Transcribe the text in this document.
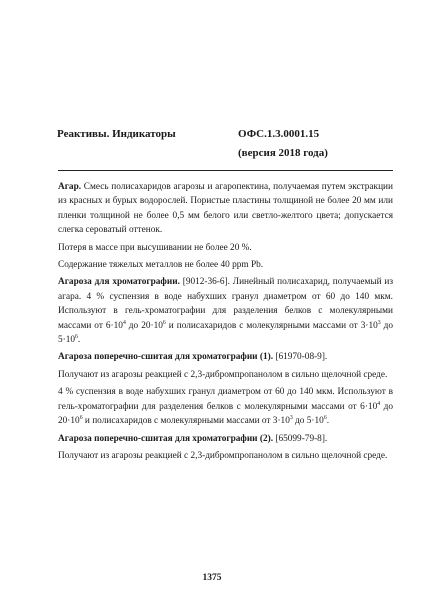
Реактивы. Индикаторы	ОФС.1.3.0001.15
(версия 2018 года)

Агар. Смесь полисахаридов агарозы и агаропектина, получаемая путем экстракции из красных и бурых водорослей. Пористые пластины толщиной не более 20 мм или пленки толщиной не более 0,5 мм белого или светло-желтого цвета; допускается слегка сероватый оттенок.

Потеря в массе при высушивании не более 20 %.

Содержание тяжелых металлов не более 40 ppm Pb.

Агароза для хроматографии. [9012-36-6]. Линейный полисахарид, получаемый из агара. 4 % суспензия в воде набухших гранул диаметром от 60 до 140 мкм. Используют в гель-хроматографии для разделения белков с молекулярными массами от $6\cdot 10^4$ до $20\cdot 10^6$ и полисахаридов с молекулярными массами от $3\cdot 10^3$ до $5\cdot 10^6$.

Агароза поперечно-сшитая для хроматографии (1). [61970-08-9].

Получают из агарозы реакцией с 2,3-дибромпропанолом в сильно щелочной среде.

4 % суспензия в воде набухших гранул диаметром от 60 до 140 мкм. Используют в гель-хроматографии для разделения белков с молекулярными массами от $6\cdot 10^4$ до $20\cdot 10^6$ и полисахаридов с молекулярными массами от $3\cdot 10^3$ до $5\cdot 10^6$.

Агароза поперечно-сшитая для хроматографии (2). [65099-79-8].

Получают из агарозы реакцией с 2,3-дибромпропанолом в сильно щелочной среде.

1375
